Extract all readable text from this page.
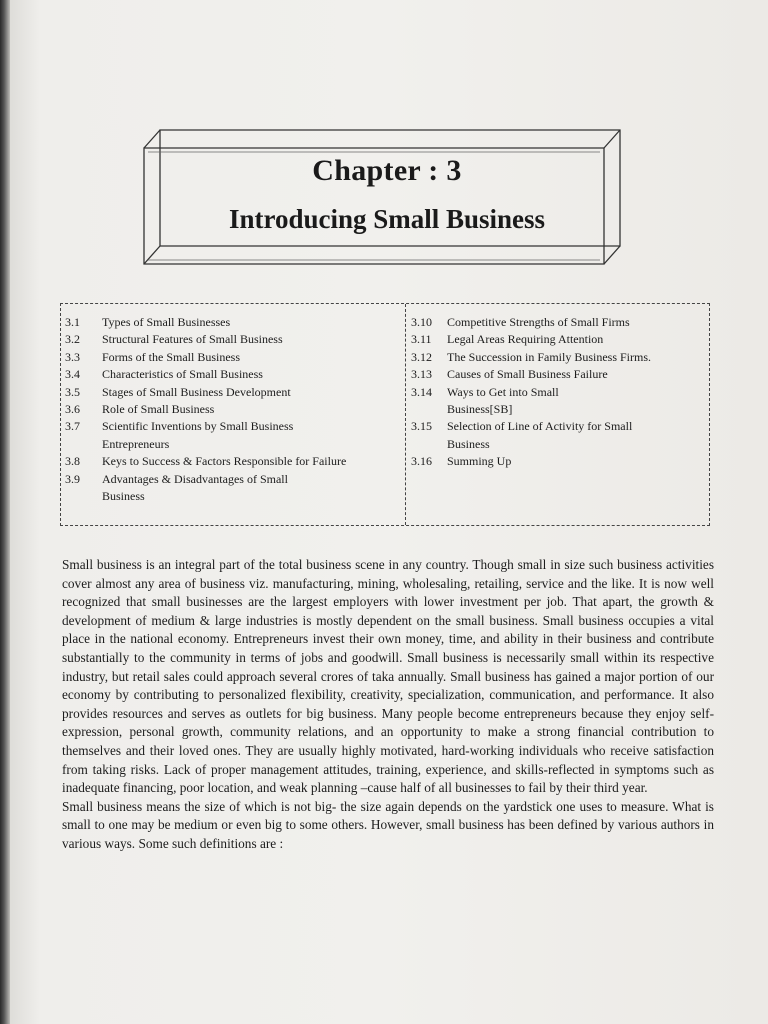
Chapter : 3
Introducing Small Business
3.1	Types of Small Businesses
3.2	Structural Features of Small Business
3.3	Forms of the Small Business
3.4	Characteristics of Small Business
3.5	Stages of Small Business Development
3.6	Role of Small Business
3.7	Scientific Inventions by Small Business Entrepreneurs
3.8	Keys to Success & Factors Responsible for Failure
3.9	Advantages & Disadvantages of Small Business
3.10	Competitive Strengths of Small Firms
3.11	Legal Areas Requiring Attention
3.12	The Succession in Family Business Firms.
3.13	Causes of Small Business Failure
3.14	Ways to Get into Small Business[SB]
3.15	Selection of Line of Activity for Small Business
3.16	Summing Up

Small business is an integral part of the total business scene in any country. Though small in size such business activities cover almost any area of business viz. manufacturing, mining, wholesaling, retailing, service and the like. It is now well recognized that small businesses are the largest employers with lower investment per job. That apart, the growth & development of medium & large industries is mostly dependent on the small business. Small business occupies a vital place in the national economy. Entrepreneurs invest their own money, time, and ability in their business and contribute substantially to the community in terms of jobs and goodwill. Small business is necessarily small within its respective industry, but retail sales could approach several crores of taka annually. Small business has gained a major portion of our economy by contributing to personalized flexibility, creativity, specialization, communication, and performance. It also provides resources and serves as outlets for big business. Many people become entrepreneurs because they enjoy self-expression, personal growth, community relations, and an opportunity to make a strong financial contribution to themselves and their loved ones. They are usually highly motivated, hard-working individuals who receive satisfaction from taking risks. Lack of proper management attitudes, training, experience, and skills-reflected in symptoms such as inadequate financing, poor location, and weak planning –cause half of all businesses to fail by their third year.

Small business means the size of which is not big- the size again depends on the yardstick one uses to measure. What is small to one may be medium or even big to some others. However, small business has been defined by various authors in various ways. Some such definitions are :
